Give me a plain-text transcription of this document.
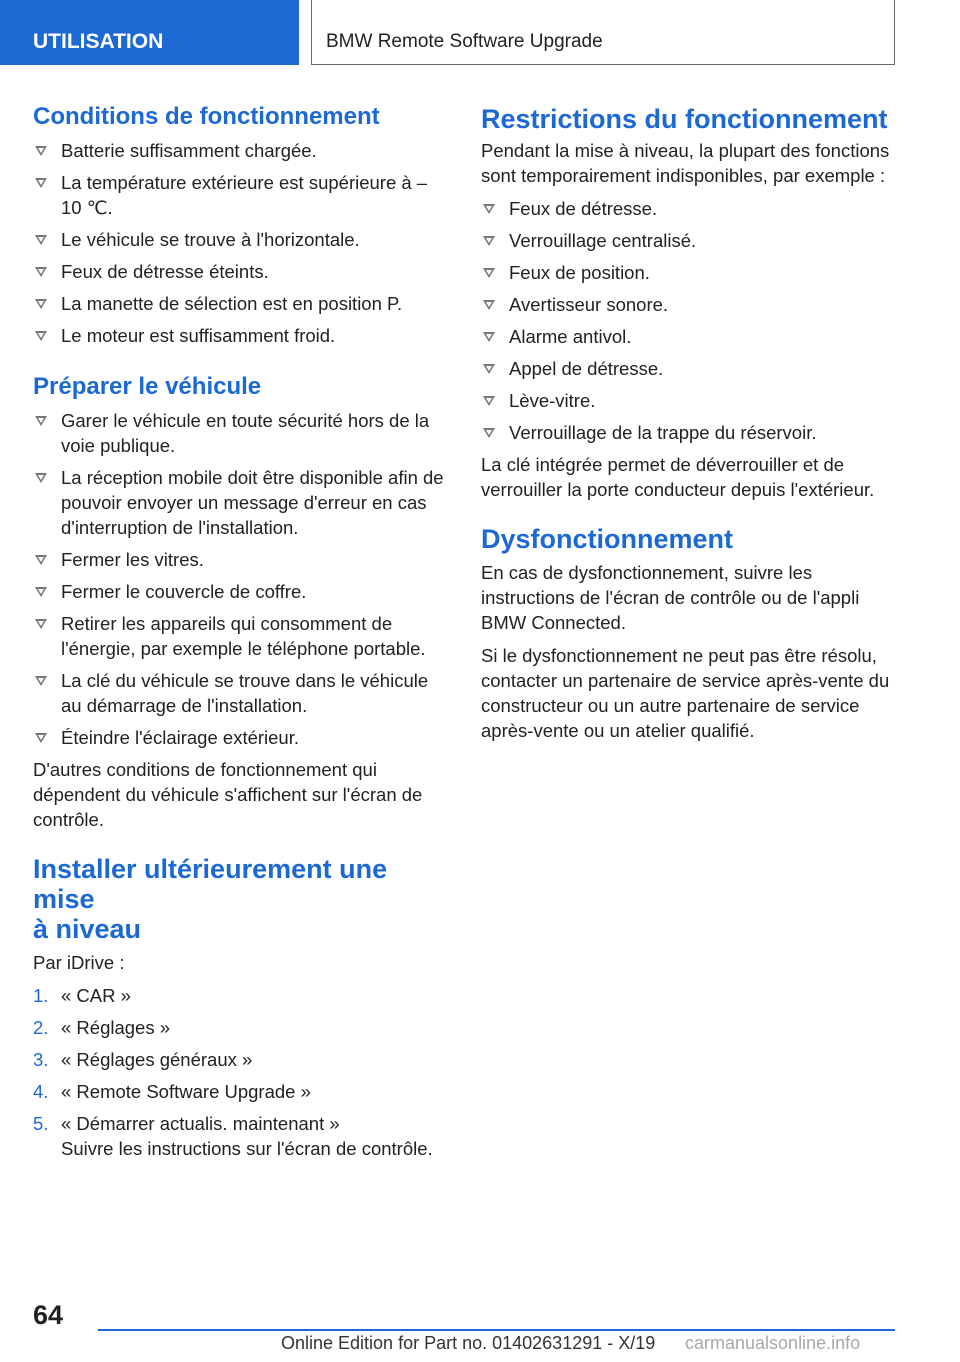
UTILISATION	BMW Remote Software Upgrade
Conditions de fonctionnement
Batterie suffisamment chargée.
La température extérieure est supérieure à –10 ℃.
Le véhicule se trouve à l'horizontale.
Feux de détresse éteints.
La manette de sélection est en position P.
Le moteur est suffisamment froid.
Préparer le véhicule
Garer le véhicule en toute sécurité hors de la voie publique.
La réception mobile doit être disponible afin de pouvoir envoyer un message d'erreur en cas d'interruption de l'installation.
Fermer les vitres.
Fermer le couvercle de coffre.
Retirer les appareils qui consomment de l'énergie, par exemple le téléphone portable.
La clé du véhicule se trouve dans le véhicule au démarrage de l'installation.
Éteindre l'éclairage extérieur.

D'autres conditions de fonctionnement qui dépendent du véhicule s'affichent sur l'écran de contrôle.

Installer ultérieurement une mise
à niveau

Par iDrive :

1. « CAR »
2. « Réglages »
3. « Réglages généraux »
4. « Remote Software Upgrade »
5. « Démarrer actualis. maintenant »
Suivre les instructions sur l'écran de contrôle.
Restrictions du fonctionnement

Pendant la mise à niveau, la plupart des fonctions sont temporairement indisponibles, par exemple :

Feux de détresse.
Verrouillage centralisé.
Feux de position.
Avertisseur sonore.
Alarme antivol.
Appel de détresse.
Lève-vitre.
Verrouillage de la trappe du réservoir.

La clé intégrée permet de déverrouiller et de verrouiller la porte conducteur depuis l'extérieur.

Dysfonctionnement

En cas de dysfonctionnement, suivre les instructions de l'écran de contrôle ou de l'appli BMW Connected.

Si le dysfonctionnement ne peut pas être résolu, contacter un partenaire de service après-vente du constructeur ou un autre partenaire de service après-vente ou un atelier qualifié.

64
Online Edition for Part no. 01402631291 - X/19 carmanualsonline.info
